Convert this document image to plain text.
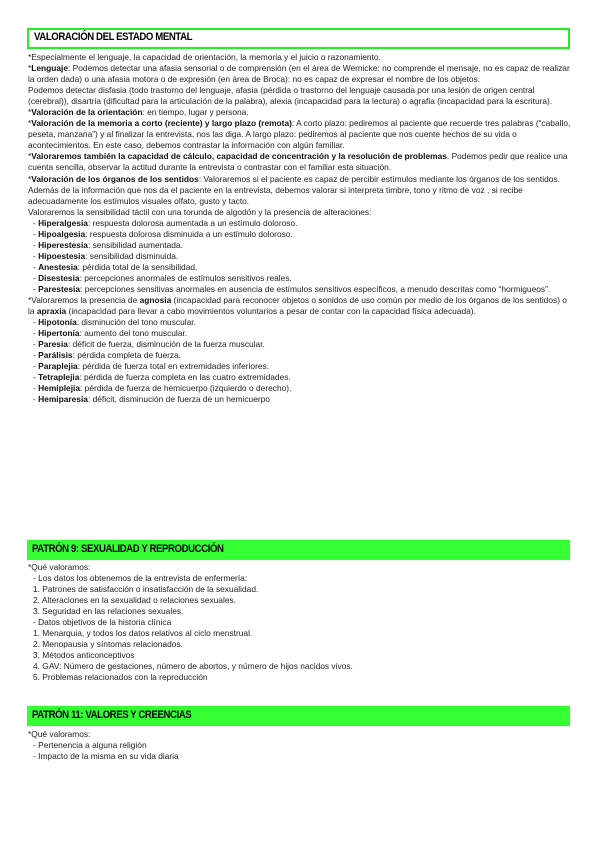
VALORACIÓN DEL ESTADO MENTAL

*Especialmente el lenguaje, la capacidad de orientación, la memoria y el juicio o razonamiento.

*Lenguaje: Podemos detectar una afasia sensorial o de comprensión (en el área de Wernicke: no comprende el mensaje, no es capaz de realizar la orden dada) o una afasia motora o de expresión (en área de Broca): no es capaz de expresar el nombre de los objetos.

Podemos detectar disfasia (todo trastorno del lenguaje, afasia (pérdida o trastorno del lenguaje causada por una lesión de origen central (cerebral)), disartria (dificultad para la articulación de la palabra), alexia (incapacidad para la lectura) o agrafia (incapacidad para la escritura).

*Valoración de la orientación: en tiempo, lugar y persona.

*Valoración de la memoria a corto (reciente) y largo plazo (remota): A corto plazo: pediremos al paciente que recuerde tres palabras (“caballo, peseta, manzana”) y al finalizar la entrevista, nos las diga. A largo plazo: pediremos al paciente que nos cuente hechos de su vida o acontecimientos. En este caso, debemos contrastar la información con algún familiar.

*Valoraremos también la capacidad de cálculo, capacidad de concentración y la resolución de problemas. Podemos pedir que realice una cuenta sencilla, observar la actitud durante la entrevista o contrastar con el familiar esta situación.

*Valoración de los órganos de los sentidos: Valoraremos si el paciente es capaz de percibir estímulos mediante los órganos de los sentidos. Además de la información que nos da el paciente en la entrevista, debemos valorar si interpreta timbre, tono y ritmo de voz , si recibe adecuadamente los estímulos visuales olfato, gusto y tacto.

Valoraremos la sensibilidad táctil con una torunda de algodón y la presencia de alteraciones:

- Hiperalgesia: respuesta dolorosa aumentada a un estímulo doloroso.

- Hipoalgesia: respuesta dolorosa disminuida a un estímulo doloroso.

- Hiperestesia: sensibilidad aumentada.

- Hipoestesia: sensibilidad disminuida.

- Anestesia: pérdida total de la sensibilidad.

- Disestesia: percepciones anormales de estímulos sensitivos reales.

- Parestesia: percepciones sensitivas anormales en ausencia de estímulos sensitivos específicos, a menudo descritas como “hormigueos”.

*Valoraremos la presencia de agnosia (incapacidad para reconocer objetos o sonidos de uso común por medio de los órganos de los sentidos) o la apraxia (incapacidad para llevar a cabo movimientos voluntarios a pesar de contar con la capacidad física adecuada).

- Hipotonía: disminución del tono muscular.

- Hipertonía: aumento del tono muscular.

- Paresia: déficit de fuerza, disminución de la fuerza muscular.

- Parálisis: pérdida completa de fuerza.

- Paraplejia: pérdida de fuerza total en extremidades inferiores.

- Tetraplejia: pérdida de fuerza completa en las cuatro extremidades.

- Hemiplejia: pérdida de fuerza de hemicuerpo (izquierdo o derecho).

- Hemiparesia: déficit, disminución de fuerza de un hemicuerpo

PATRÓN 9: SEXUALIDAD Y REPRODUCCIÓN

*Qué valoramos:

- Los datos los obtenemos de la entrevista de enfermería:

1. Patrones de satisfacción o insatisfacción de la sexualidad.

2. Alteraciones en la sexualidad o relaciones sexuales.

3. Seguridad en las relaciones sexuales.

- Datos objetivos de la historia clínica

1. Menarquia, y todos los datos relativos al ciclo menstrual.

2. Menopausia y síntomas relacionados.

3. Métodos anticonceptivos

4. GAV: Número de gestaciones, número de abortos, y número de hijos nacidos vivos.

5. Problemas relacionados con la reproducción

PATRÓN 11: VALORES Y CREENCIAS

*Qué valoramos:

- Pertenencia a alguna religión

- Impacto de la misma en su vida diaria
